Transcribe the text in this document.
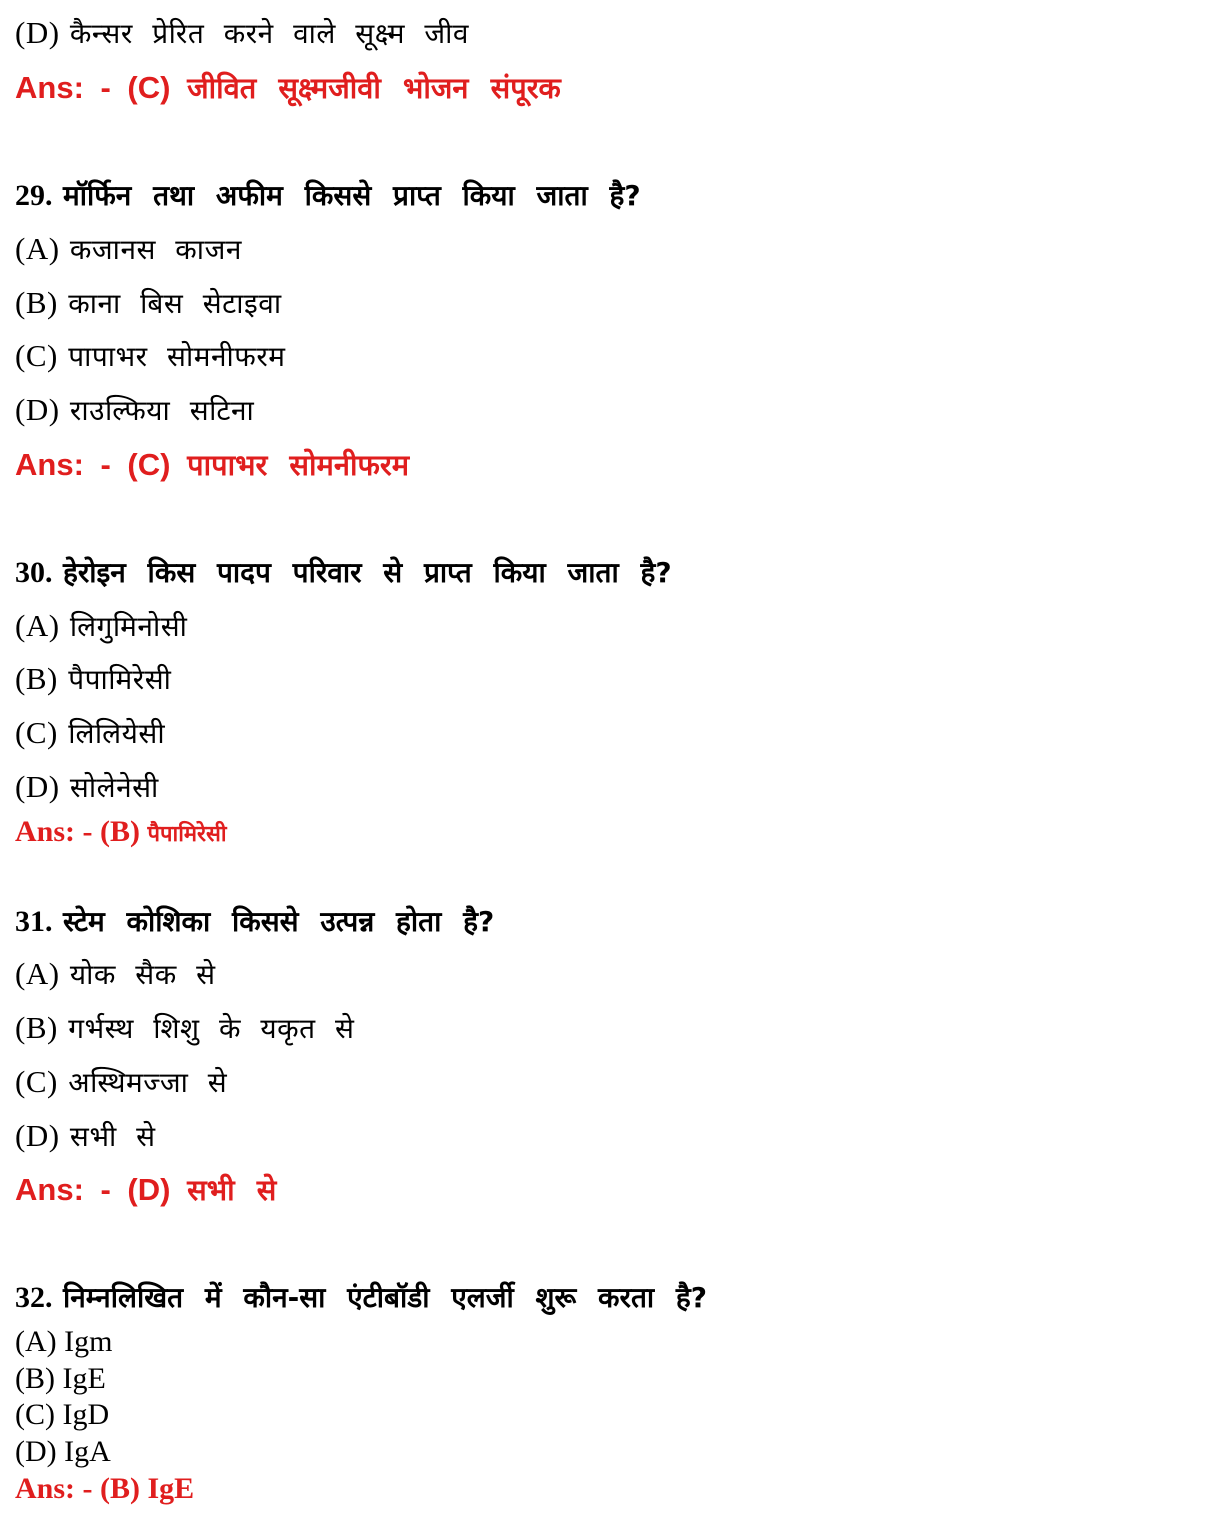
(D) कैन्सर प्रेरित करने वाले सूक्ष्म जीव
Ans: - (C) जीवित सूक्ष्मजीवी भोजन संपूरक
29. मॉर्फिन तथा अफीम किससे प्राप्त किया जाता है?
(A) कजानस काजन
(B) काना बिस सेटाइवा
(C) पापाभर सोमनीफरम
(D) राउल्फिया सटिना
Ans: - (C) पापाभर सोमनीफरम
30. हेरोइन किस पादप परिवार से प्राप्त किया जाता है?
(A) लिगुमिनोसी
(B) पैपामिरेसी
(C) लिलियेसी
(D) सोलेनेसी
Ans: - (B) पैपामिरेसी
31. स्टेम कोशिका किससे उत्पन्न होता है?
(A) योक सैक से
(B) गर्भस्थ शिशु के यकृत से
(C) अस्थिमज्जा से
(D) सभी से
Ans: - (D) सभी से
32. निम्नलिखित में कौन-सा एंटीबॉडी एलर्जी शुरू करता है?
(A) Igm
(B) IgE
(C) IgD
(D) IgA
Ans: - (B) IgE
